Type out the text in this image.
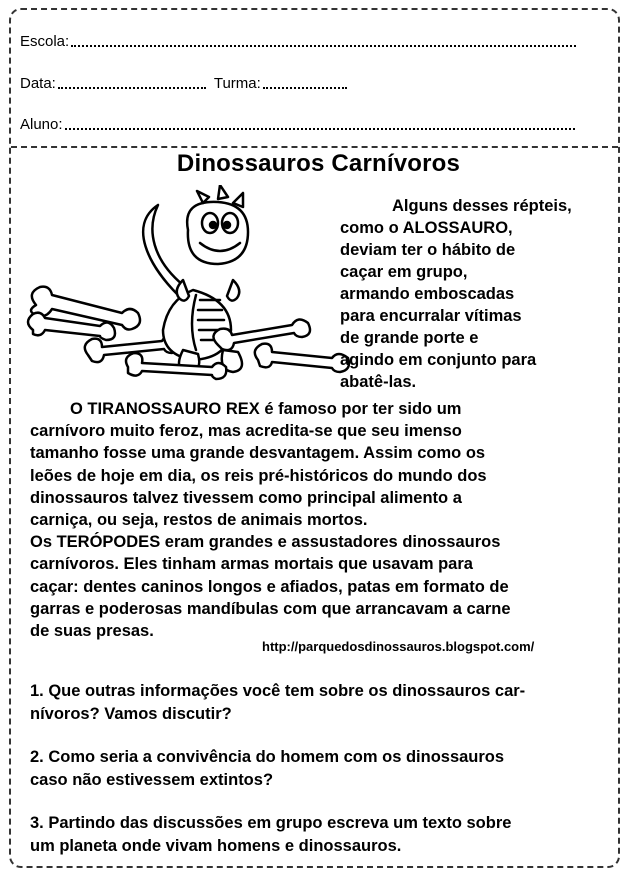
Escola:
Data:	Turma:
Aluno:
Dinossauros Carnívoros
Alguns desses répteis,
como o ALOSSAURO,
deviam ter o hábito de
caçar em grupo,
armando emboscadas
para encurralar vítimas
de grande porte e
agindo em conjunto para
abatê-las.
O TIRANOSSAURO REX é famoso por ter sido um
carnívoro muito feroz, mas acredita-se que seu imenso
tamanho fosse uma grande desvantagem. Assim como os
leões de hoje em dia, os reis pré-históricos do mundo dos
dinossauros talvez tivessem como principal alimento a
carniça, ou seja, restos de animais mortos.
Os TERÓPODES eram grandes e assustadores dinossauros
carnívoros. Eles tinham armas mortais que usavam para
caçar: dentes caninos longos e afiados, patas em formato de
garras e poderosas mandíbulas com que arrancavam a carne
de suas presas.
http://parquedosdinossauros.blogspot.com/
1. Que outras informações você tem sobre os dinossauros car-
nívoros? Vamos discutir?
2. Como seria a convivência do homem com os dinossauros
caso não estivessem extintos?
3. Partindo das discussões em grupo escreva um texto sobre
um planeta onde vivam homens e dinossauros.
